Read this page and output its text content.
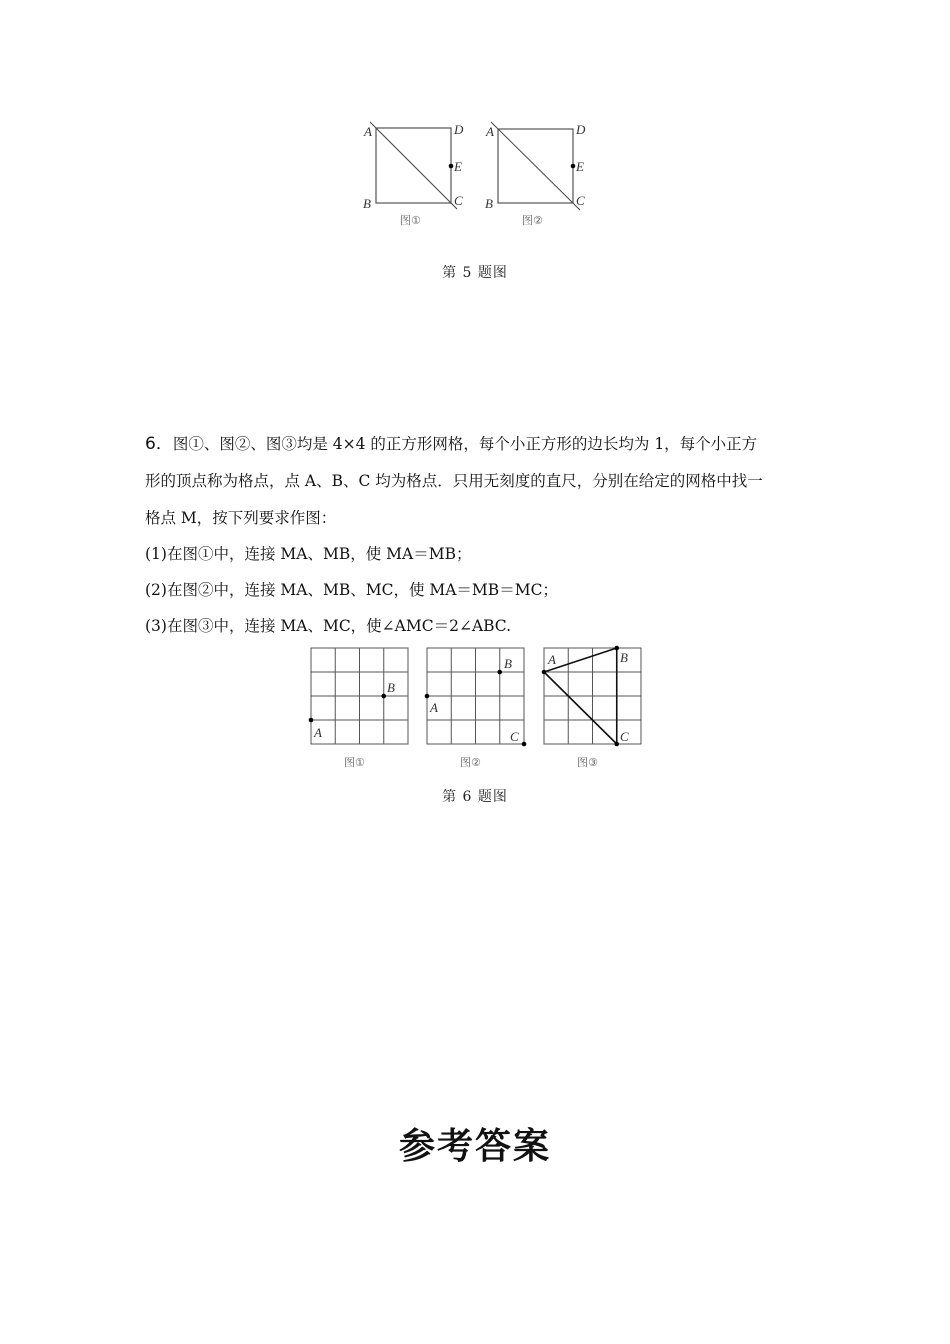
A	D
E
C
B
图①
A	D
E
C
B
图②
第 5 题图
6．图①、图②、图③均是 4×4 的正方形网格，每个小正方形的边长均为 1，每个小正方
形的顶点称为格点，点 A、B、C 均为格点．只用无刻度的直尺，分别在给定的网格中找一
格点 M，按下列要求作图：
(1)在图①中，连接 MA、MB，使 MA＝MB；
(2)在图②中，连接 MA、MB、MC，使 MA＝MB＝MC；
(3)在图③中，连接 MA、MC，使∠AMC＝2∠ABC.
A
B
图①
A
B
C
图②
A	B
C
图③
第 6 题图
参考答案
